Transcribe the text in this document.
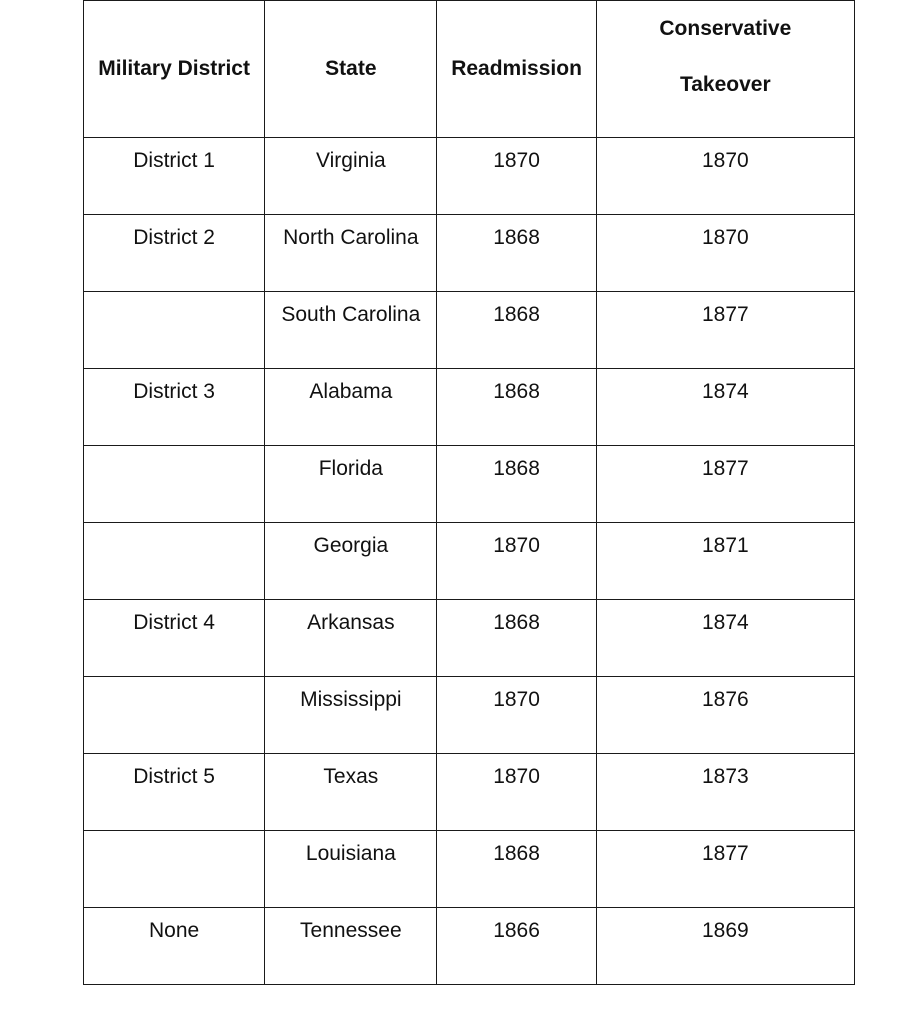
Military District	State	Readmission	Conservative
Takeover

District 1	Virginia	1870	1870
District 2	North Carolina	1868	1870
	South Carolina	1868	1877
District 3	Alabama	1868	1874
	Florida	1868	1877
	Georgia	1870	1871
District 4	Arkansas	1868	1874
	Mississippi	1870	1876
District 5	Texas	1870	1873
	Louisiana	1868	1877
None	Tennessee	1866	1869
